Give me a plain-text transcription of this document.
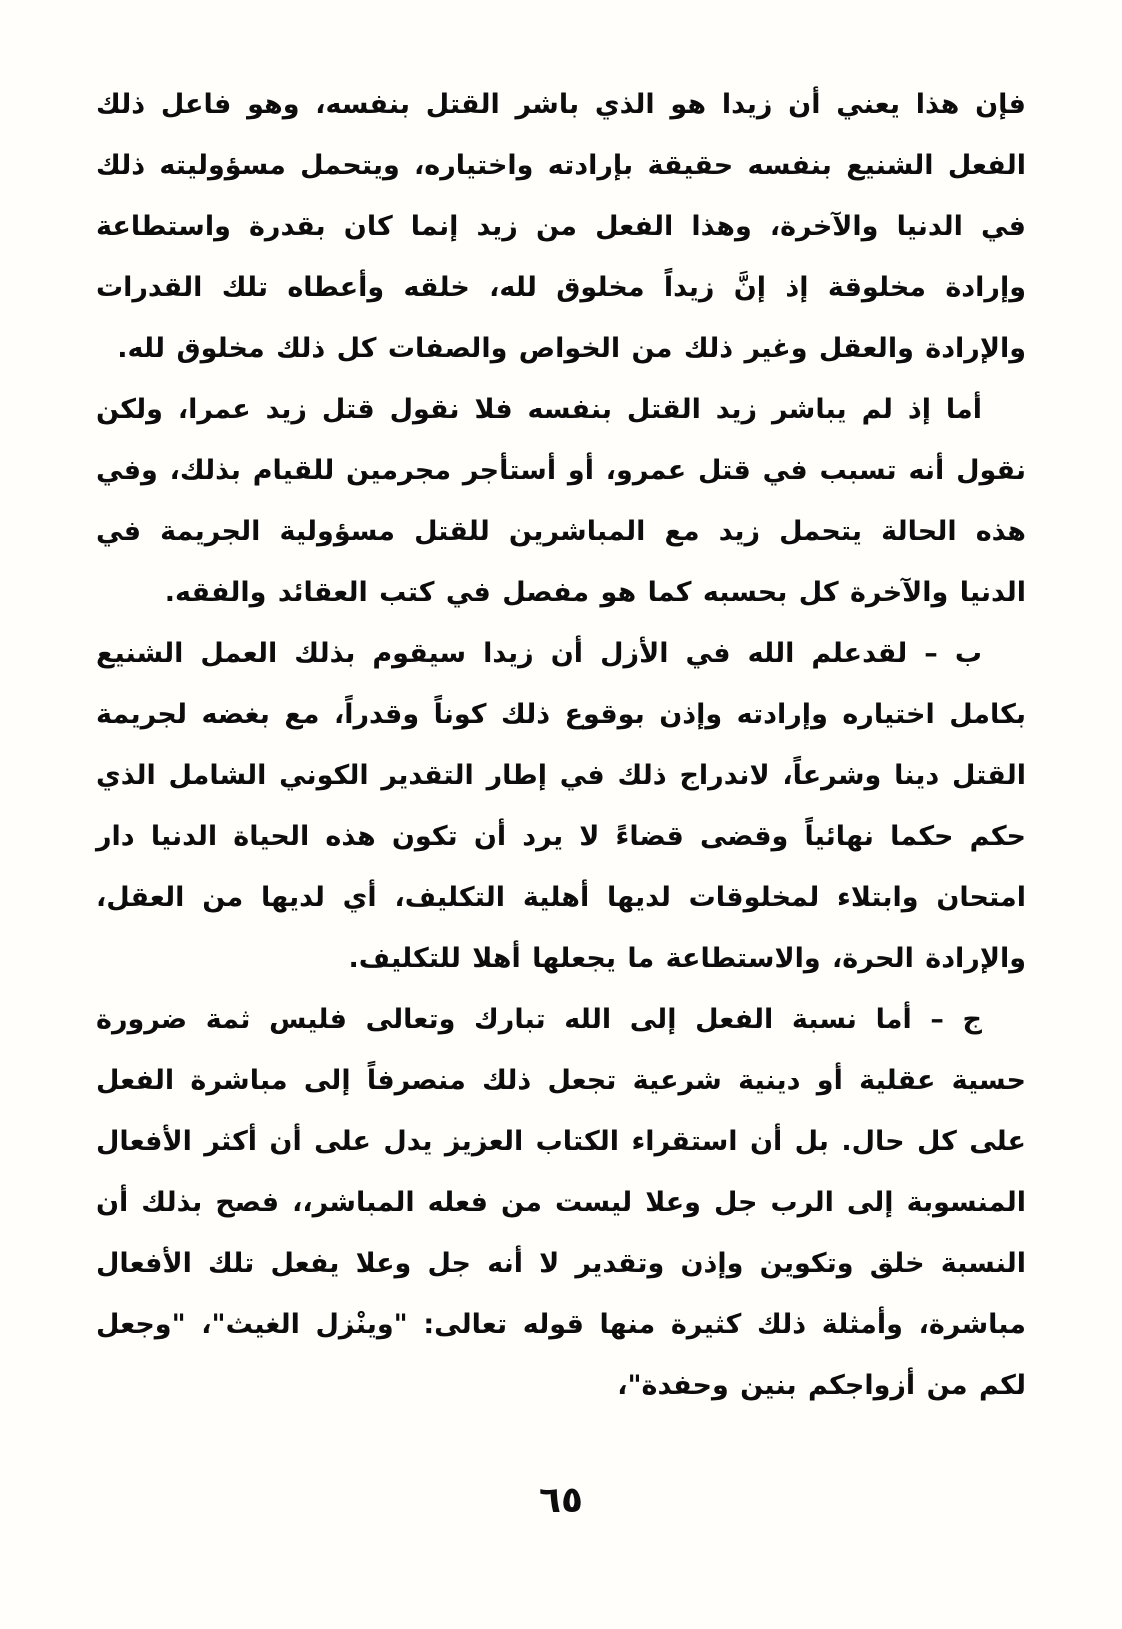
فإن هذا يعني أن زيدا هو الذي باشر القتل بنفسه، وهو فاعل ذلك الفعل الشنيع بنفسه حقيقة بإرادته واختياره، ويتحمل مسؤوليته ذلك في الدنيا والآخرة، وهذا الفعل من زيد إنما كان بقدرة واستطاعة وإرادة مخلوقة إذ إنَّ زيداً مخلوق لله، خلقه وأعطاه تلك القدرات والإرادة والعقل وغير ذلك من الخواص والصفات كل ذلك مخلوق لله.

أما إذ لم يباشر زيد القتل بنفسه فلا نقول قتل زيد عمرا، ولكن نقول أنه تسبب في قتل عمرو، أو أستأجر مجرمين للقيام بذلك، وفي هذه الحالة يتحمل زيد مع المباشرين للقتل مسؤولية الجريمة في الدنيا والآخرة كل بحسبه كما هو مفصل في كتب العقائد والفقه.

ب – لقدعلم الله في الأزل أن زيدا سيقوم بذلك العمل الشنيع بكامل اختياره وإرادته وإذن بوقوع ذلك كوناً وقدراً، مع بغضه لجريمة القتل دينا وشرعاً، لاندراج ذلك في إطار التقدير الكوني الشامل الذي حكم حكما نهائياً وقضى قضاءً لا يرد أن تكون هذه الحياة الدنيا دار امتحان وابتلاء لمخلوقات لديها أهلية التكليف، أي لديها من العقل، والإرادة الحرة، والاستطاعة ما يجعلها أهلا للتكليف.

ج – أما نسبة الفعل إلى الله تبارك وتعالى فليس ثمة ضرورة حسية عقلية أو دينية شرعية تجعل ذلك منصرفاً إلى مباشرة الفعل على كل حال. بل أن استقراء الكتاب العزيز يدل على أن أكثر الأفعال المنسوبة إلى الرب جل وعلا ليست من فعله المباشر،، فصح بذلك أن النسبة خلق وتكوين وإذن وتقدير لا أنه جل وعلا يفعل تلك الأفعال مباشرة، وأمثلة ذلك كثيرة منها قوله تعالى: "وينْزل الغيث"، "وجعل لكم من أزواجكم بنين وحفدة"،

٦٥
